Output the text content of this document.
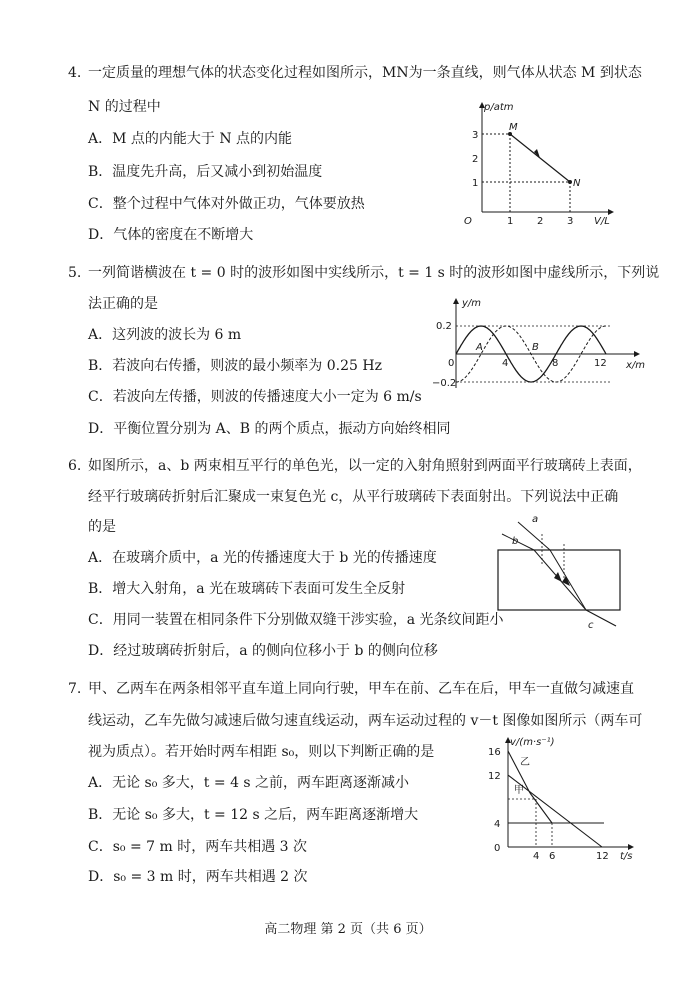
4. 一定质量的理想气体的状态变化过程如图所示，MN为一条直线，则气体从状态 M 到状态
N 的过程中
A．M 点的内能大于 N 点的内能
B．温度先升高，后又减小到初始温度
C．整个过程中气体对外做正功，气体要放热
D．气体的密度在不断增大
p/atm
V/L
O
1
2
3
1 2 3
M
N
5. 一列简谐横波在 t = 0 时的波形如图中实线所示，t = 1 s 时的波形如图中虚线所示，下列说
法正确的是
A．这列波的波长为 6 m
B．若波向右传播，则波的最小频率为 0.25 Hz
C．若波向左传播，则波的传播速度大小一定为 6 m/s
D．平衡位置分别为 A、B 的两个质点，振动方向始终相同
y/m
x/m
0.2
−0.2
0	4	8	12
A	B
6. 如图所示，a、b 两束相互平行的单色光，以一定的入射角照射到两面平行玻璃砖上表面，
经平行玻璃砖折射后汇聚成一束复色光 c，从平行玻璃砖下表面射出。下列说法中正确
的是
A．在玻璃介质中，a 光的传播速度大于 b 光的传播速度
B．增大入射角，a 光在玻璃砖下表面可发生全反射
C．用同一装置在相同条件下分别做双缝干涉实验，a 光条纹间距小
D．经过玻璃砖折射后，a 的侧向位移小于 b 的侧向位移
a
b
c
7. 甲、乙两车在两条相邻平直车道上同向行驶，甲车在前、乙车在后，甲车一直做匀减速直
线运动，乙车先做匀减速后做匀速直线运动，两车运动过程的 v－t 图像如图所示（两车可
视为质点）。若开始时两车相距 s₀，则以下判断正确的是
A．无论 s₀ 多大，t = 4 s 之前，两车距离逐渐减小
B．无论 s₀ 多大，t = 12 s 之后，两车距离逐渐增大
C．s₀ = 7 m 时，两车共相遇 3 次
D．s₀ = 3 m 时，两车共相遇 2 次
v/(m·s⁻¹)
t/s
16
12
4
0
4 6	12
乙
甲
高二物理 第 2 页（共 6 页）
